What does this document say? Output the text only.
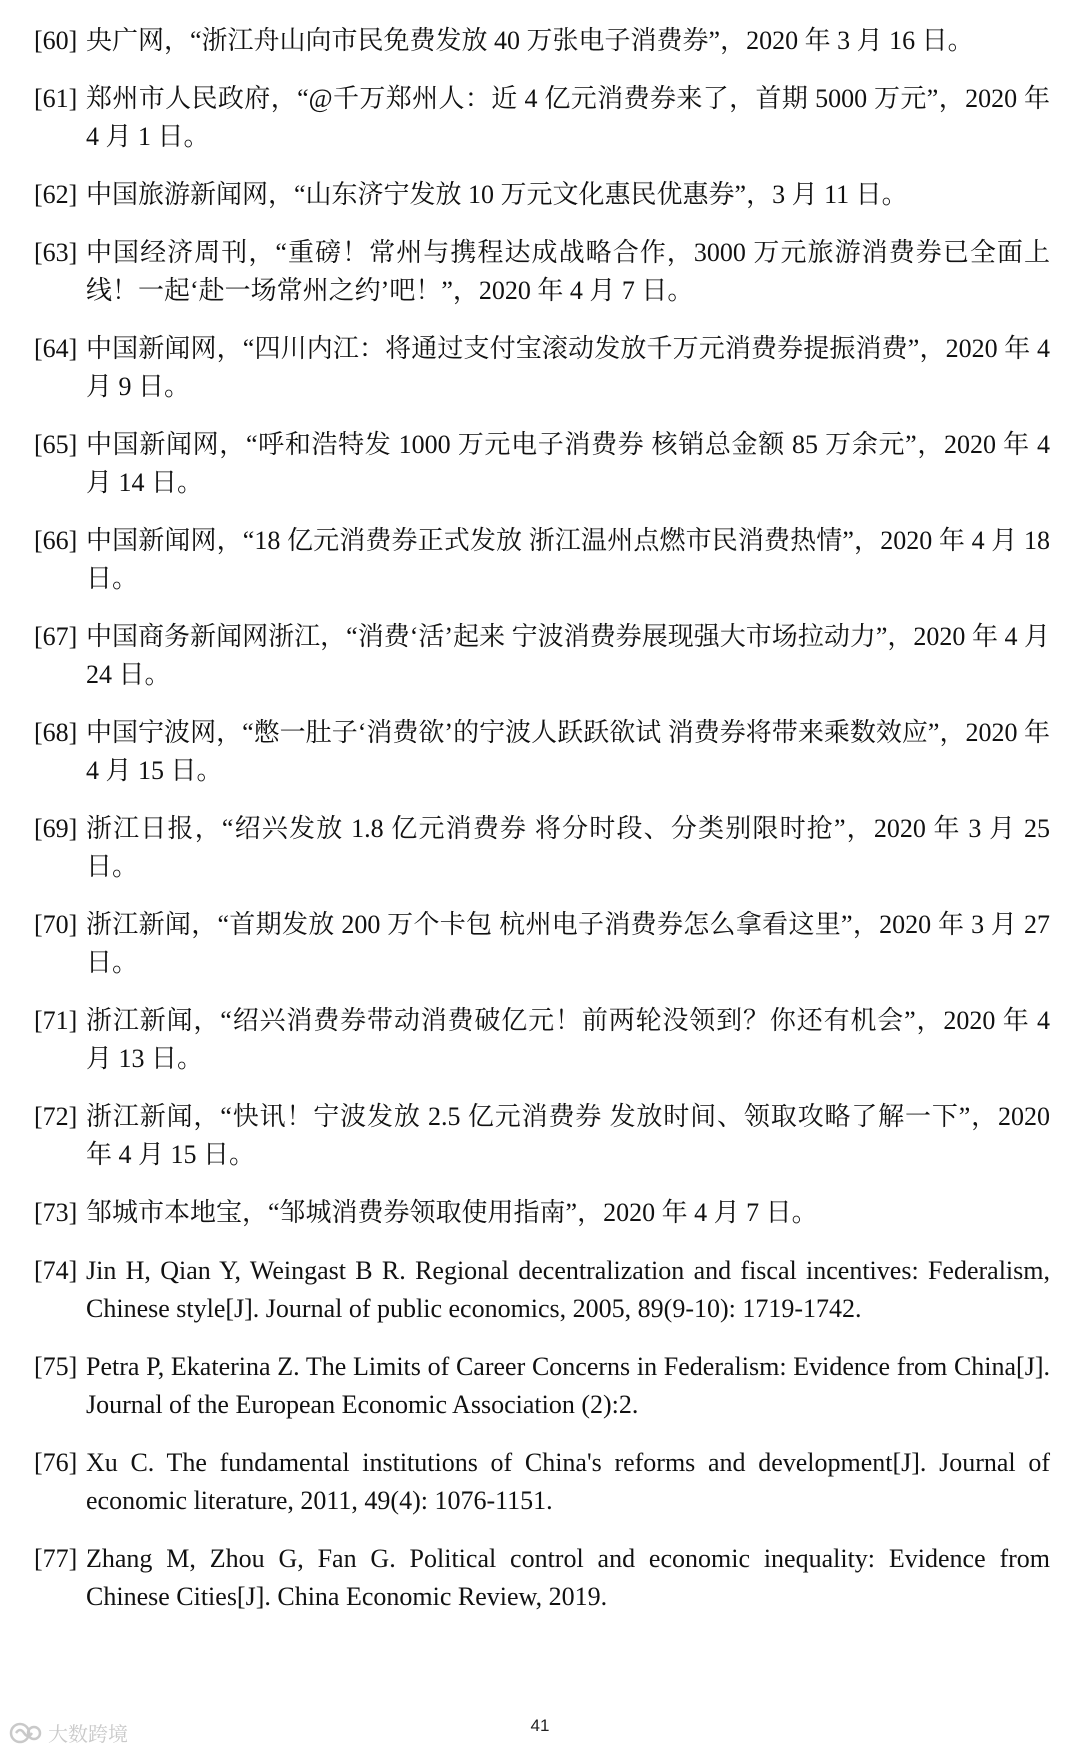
[60] 央广网，“浙江舟山向市民免费发放 40 万张电子消费券”，2020 年 3 月 16 日。
[61] 郑州市人民政府，“@千万郑州人：近 4 亿元消费券来了，首期 5000 万元”，2020 年 4 月 1 日。
[62] 中国旅游新闻网，“山东济宁发放 10 万元文化惠民优惠券”，3 月 11 日。
[63] 中国经济周刊，“重磅！常州与携程达成战略合作，3000 万元旅游消费券已全面上线！一起‘赴一场常州之约’吧！”，2020 年 4 月 7 日。
[64] 中国新闻网，“四川内江：将通过支付宝滚动发放千万元消费券提振消费”，2020 年 4 月 9 日。
[65] 中国新闻网，“呼和浩特发 1000 万元电子消费券 核销总金额 85 万余元”，2020 年 4 月 14 日。
[66] 中国新闻网，“18 亿元消费券正式发放 浙江温州点燃市民消费热情”，2020 年 4 月 18 日。
[67] 中国商务新闻网浙江，“消费‘活’起来 宁波消费券展现强大市场拉动力”，2020 年 4 月 24 日。
[68] 中国宁波网，“憋一肚子‘消费欲’的宁波人跃跃欲试 消费券将带来乘数效应”，2020 年 4 月 15 日。
[69] 浙江日报，“绍兴发放 1.8 亿元消费券 将分时段、分类别限时抢”，2020 年 3 月 25 日。
[70] 浙江新闻，“首期发放 200 万个卡包 杭州电子消费券怎么拿看这里”，2020 年 3 月 27 日。
[71] 浙江新闻，“绍兴消费券带动消费破亿元！前两轮没领到？你还有机会”，2020 年 4 月 13 日。
[72] 浙江新闻，“快讯！宁波发放 2.5 亿元消费券 发放时间、领取攻略了解一下”，2020 年 4 月 15 日。
[73] 邹城市本地宝，“邹城消费券领取使用指南”，2020 年 4 月 7 日。
[74] Jin H, Qian Y, Weingast B R. Regional decentralization and fiscal incentives: Federalism, Chinese style[J]. Journal of public economics, 2005, 89(9-10): 1719-1742.
[75] Petra P, Ekaterina Z. The Limits of Career Concerns in Federalism: Evidence from China[J]. Journal of the European Economic Association (2):2.
[76] Xu C. The fundamental institutions of China's reforms and development[J]. Journal of economic literature, 2011, 49(4): 1076-1151.
[77] Zhang M, Zhou G, Fan G. Political control and economic inequality: Evidence from Chinese Cities[J]. China Economic Review, 2019.
大数跨境	41
